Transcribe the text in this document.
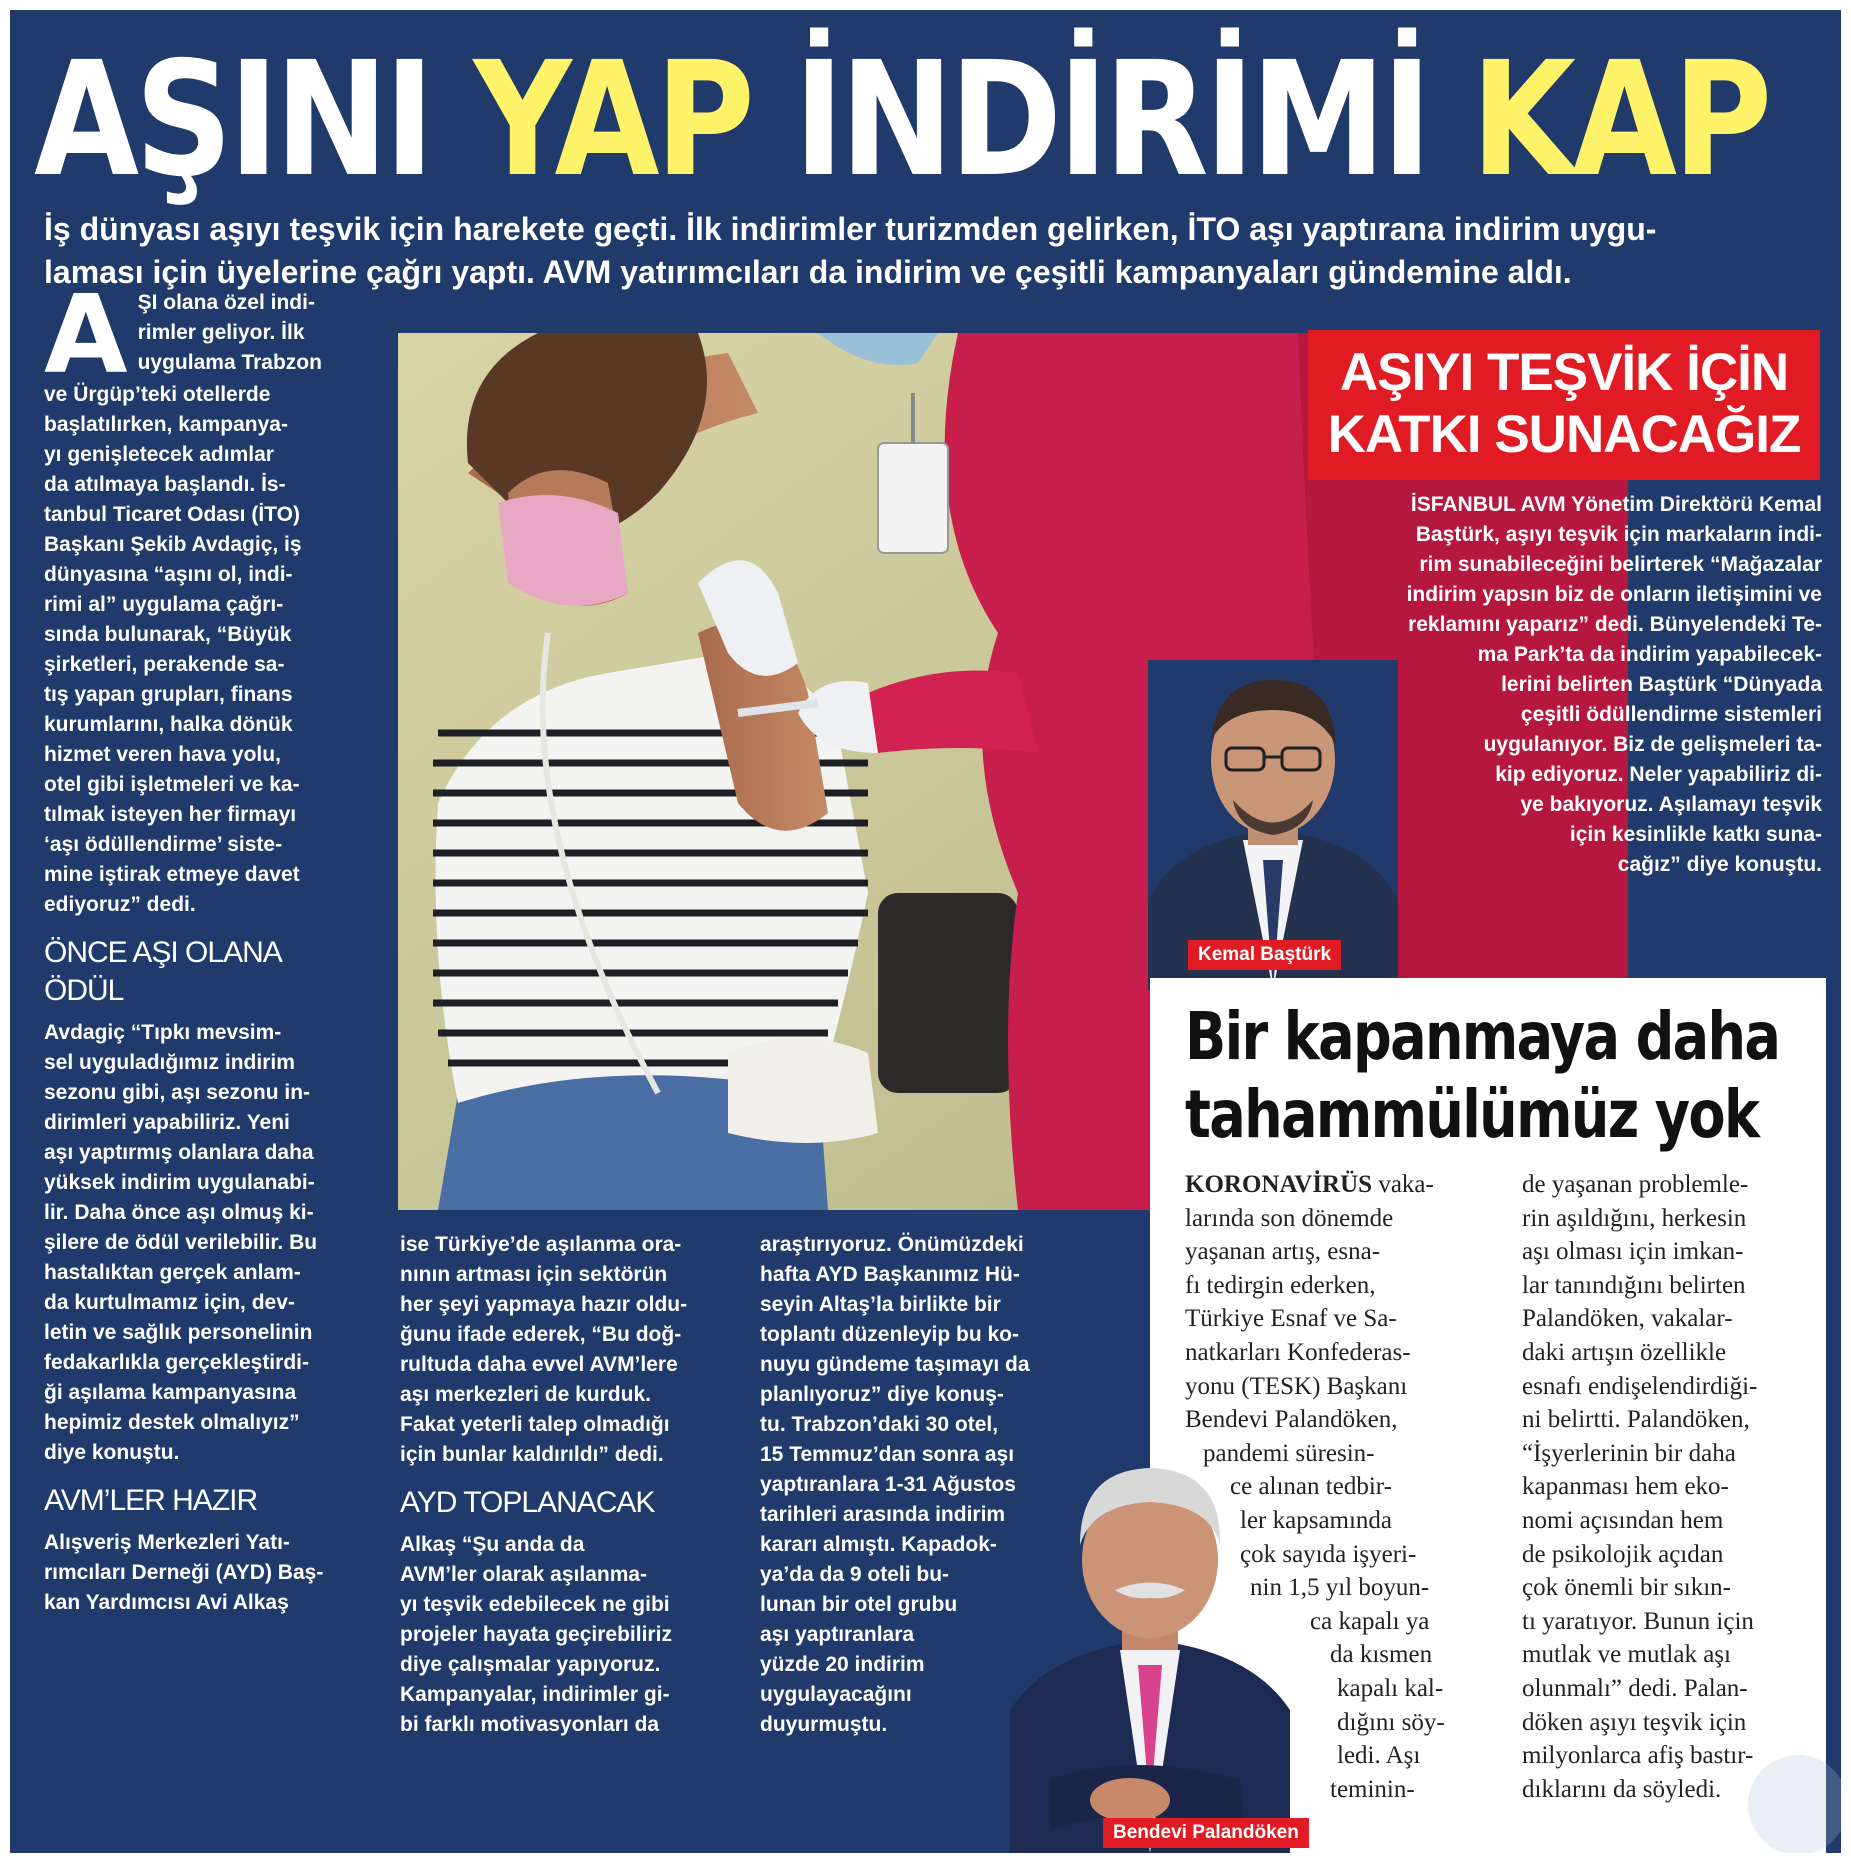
AŞINI YAP İNDİRİMİ KAP
İş dünyası aşıyı teşvik için harekete geçti. İlk indirimler turizmden gelirken, İTO aşı yaptırana indirim uygu-
laması için üyelerine çağrı yaptı. AVM yatırımcıları da indirim ve çeşitli kampanyaları gündemine aldı.
A ŞI olana özel indi-
rimler geliyor. İlk
uygulama Trabzon
ve Ürgüp’teki otellerde
başlatılırken, kampanya-
yı genişletecek adımlar
da atılmaya başlandı. İs-
tanbul Ticaret Odası (İTO)
Başkanı Şekib Avdagiç, iş
dünyasına “aşını ol, indi-
rimi al” uygulama çağrı-
sında bulunarak, “Büyük
şirketleri, perakende sa-
tış yapan grupları, finans
kurumlarını, halka dönük
hizmet veren hava yolu,
otel gibi işletmeleri ve ka-
tılmak isteyen her firmayı
‘aşı ödüllendirme’ siste-
mine iştirak etmeye davet
ediyoruz” dedi.
ÖNCE AŞI OLANA ÖDÜL
Avdagiç “Tıpkı mevsim-
sel uyguladığımız indirim
sezonu gibi, aşı sezonu in-
dirimleri yapabiliriz. Yeni
aşı yaptırmış olanlara daha
yüksek indirim uygulanabi-
lir. Daha önce aşı olmuş ki-
şilere de ödül verilebilir. Bu
hastalıktan gerçek anlam-
da kurtulmamız için, dev-
letin ve sağlık personelinin
fedakarlıkla gerçekleştirdi-
ği aşılama kampanyasına
hepimiz destek olmalıyız”
diye konuştu.
AVM’LER HAZIR
Alışveriş Merkezleri Yatı-
rımcıları Derneği (AYD) Baş-
kan Yardımcısı Avi Alkaş
ise Türkiye’de aşılanma ora-
nının artması için sektörün
her şeyi yapmaya hazır oldu-
ğunu ifade ederek, “Bu doğ-
rultuda daha evvel AVM’lere
aşı merkezleri de kurduk.
Fakat yeterli talep olmadığı
için bunlar kaldırıldı” dedi.
AYD TOPLANACAK
Alkaş “Şu anda da
AVM’ler olarak aşılanma-
yı teşvik edebilecek ne gibi
projeler hayata geçirebiliriz
diye çalışmalar yapıyoruz.
Kampanyalar, indirimler gi-
bi farklı motivasyonları da
araştırıyoruz. Önümüzdeki
hafta AYD Başkanımız Hü-
seyin Altaş’la birlikte bir
toplantı düzenleyip bu ko-
nuyu gündeme taşımayı da
planlıyoruz” diye konuş-
tu. Trabzon’daki 30 otel,
15 Temmuz’dan sonra aşı
yaptıranlara 1-31 Ağustos
tarihleri arasında indirim
kararı almıştı. Kapadok-
ya’da da 9 oteli bu-
lunan bir otel grubu
aşı yaptıranlara
yüzde 20 indirim
uygulayacağını
duyurmuştu.
AŞIYI TEŞVİK İÇİN
KATKI SUNACAĞIZ
Kemal Baştürk
İSFANBUL AVM Yönetim Direktörü Kemal
Baştürk, aşıyı teşvik için markaların indi-
rim sunabileceğini belirterek “Mağazalar
indirim yapsın biz de onların iletişimini ve
reklamını yaparız” dedi. Bünyelendeki Te-
ma Park’ta da indirim yapabilecek-
lerini belirten Baştürk “Dünyada
çeşitli ödüllendirme sistemleri
uygulanıyor. Biz de gelişmeleri ta-
kip ediyoruz. Neler yapabiliriz di-
ye bakıyoruz. Aşılamayı teşvik
için kesinlikle katkı suna-
cağız” diye konuştu.
Bir kapanmaya daha
tahammülümüz yok
KORONAVİRÜS vaka-
larında son dönemde
yaşanan artış, esna-
fı tedirgin ederken,
Türkiye Esnaf ve Sa-
natkarları Konfederas-
yonu (TESK) Başkanı
Bendevi Palandöken,
pandemi süresin-
ce alınan tedbir-
ler kapsamında
çok sayıda işyeri-
nin 1,5 yıl boyun-
ca kapalı ya
da kısmen
kapalı kal-
dığını söy-
ledi. Aşı
teminin-
de yaşanan problemle-
rin aşıldığını, herkesin
aşı olması için imkan-
lar tanındığını belirten
Palandöken, vakalar-
daki artışın özellikle
esnafı endişelendirdiği-
ni belirtti. Palandöken,
“İşyerlerinin bir daha
kapanması hem eko-
nomi açısından hem
de psikolojik açıdan
çok önemli bir sıkın-
tı yaratıyor. Bunun için
mutlak ve mutlak aşı
olunmalı” dedi. Palan-
döken aşıyı teşvik için
milyonlarca afiş bastır-
dıklarını da söyledi.
Bendevi Palandöken
